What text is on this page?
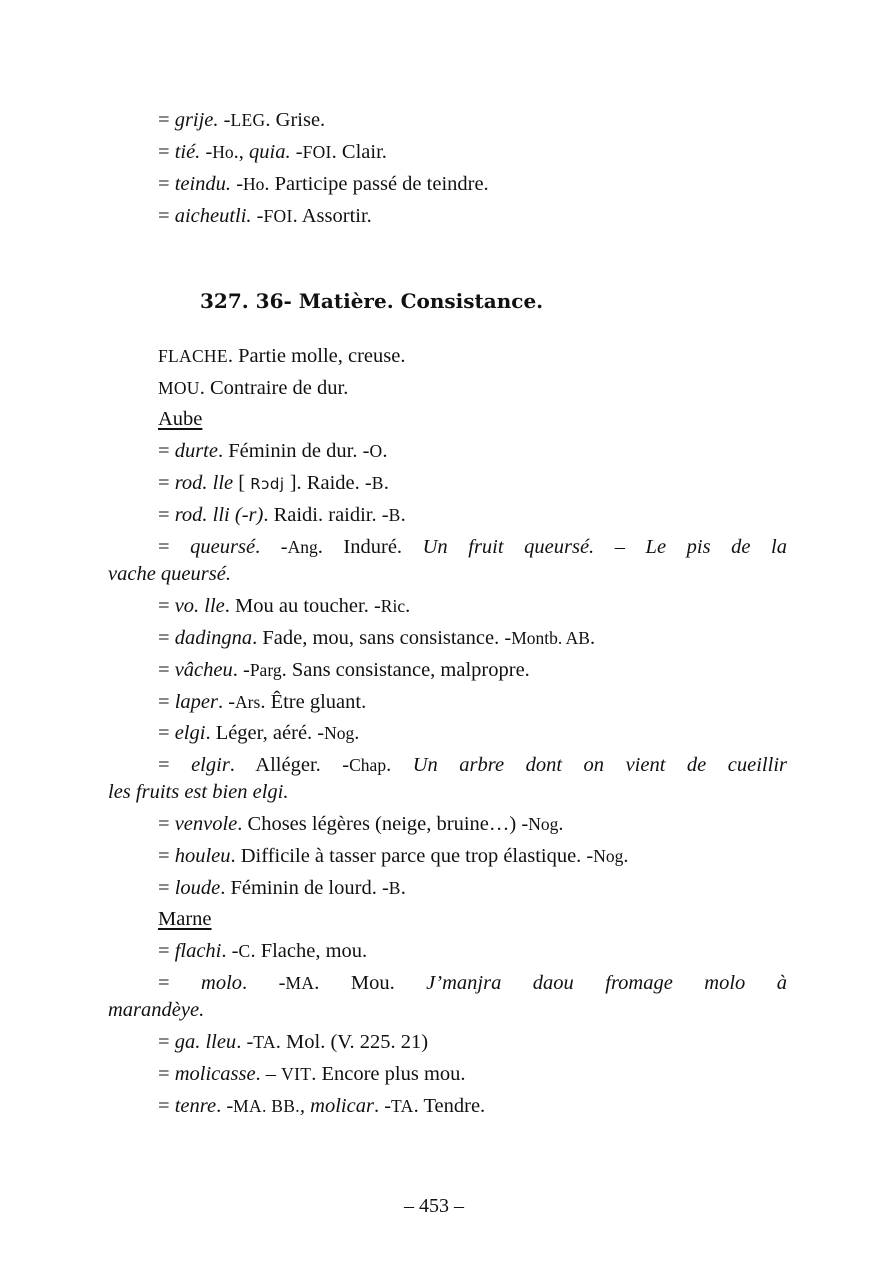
= grije. -LEG. Grise.
= tié. -Ho., quia. -FOI. Clair.
= teindu. -Ho. Participe passé de teindre.
= aicheutli. -FOI. Assortir.
327. 36- Matière. Consistance.
FLACHE. Partie molle, creuse.
MOU. Contraire de dur.
Aube
= durte. Féminin de dur. -O.
= rod. lle [ Rɔdj ]. Raide. -B.
= rod. lli (-r). Raidi. raidir. -B.
= queursé. -Ang. Induré. Un fruit queursé. – Le pis de la
vache queursé.
= vo. lle. Mou au toucher. -Ric.
= dadingna. Fade, mou, sans consistance. -Montb. AB.
= vâcheu. -Parg. Sans consistance, malpropre.
= laper. -Ars. Être gluant.
= elgi. Léger, aéré. -Nog.
= elgir. Alléger. -Chap. Un arbre dont on vient de cueillir
les fruits est bien elgi.
= venvole. Choses légères (neige, bruine…) -Nog.
= houleu. Difficile à tasser parce que trop élastique. -Nog.
= loude. Féminin de lourd. -B.
Marne
= flachi. -C. Flache, mou.
= molo. -MA. Mou. J’manjra daou fromage molo à
marandèye.
= ga. lleu. -TA. Mol. (V. 225. 21)
= molicasse. – VIT. Encore plus mou.
= tenre. -MA. BB., molicar. -TA. Tendre.
– 453 –
